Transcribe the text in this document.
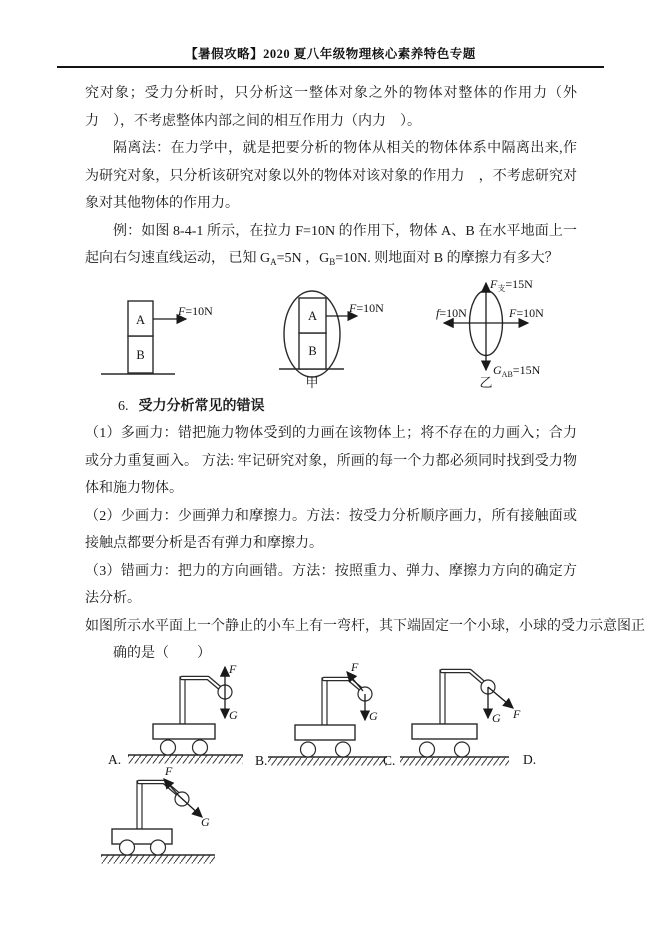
【暑假攻略】2020 夏八年级物理核心素养特色专题

究对象；受力分析时，只分析这一整体对象之外的物体对整体的作用力（外力　），不考虑整体内部之间的相互作用力（内力　）。

隔离法：在力学中，就是把要分析的物体从相关的物体体系中隔离出来,作为研究对象，只分析该研究对象以外的物体对该对象的作用力　，不考虑研究对象对其他物体的作用力。

例：如图 8-4-1 所示，在拉力 F=10N 的作用下，物体 A、B 在水平地面上一起向右匀速直线运动， 已知 $G_A=5N$ ，$G_B=10N$. 则地面对 B 的摩擦力有多大？

A
B
F=10N	A
B
F=10N
甲
$F_支=15N$
f=10N	F=10N
$G_{AB}=15N$
乙

6. 受力分析常见的错误

（1）多画力：错把施力物体受到的力画在该物体上；将不存在的力画入；合力或分力重复画入。 方法: 牢记研究对象，所画的每一个力都必须同时找到受力物体和施力物体。

（2）少画力：少画弹力和摩擦力。方法：按受力分析顺序画力，所有接触面或接触点都要分析是否有弹力和摩擦力。

（3）错画力：把力的方向画错。方法：按照重力、弹力、摩擦力方向的确定方法分析。

如图所示水平面上一个静止的小车上有一弯杆，其下端固定一个小球，小球的受力示意图正

确的是（　　）

F
G
A.
F
G
B.
G F
C.	D.
F
G
